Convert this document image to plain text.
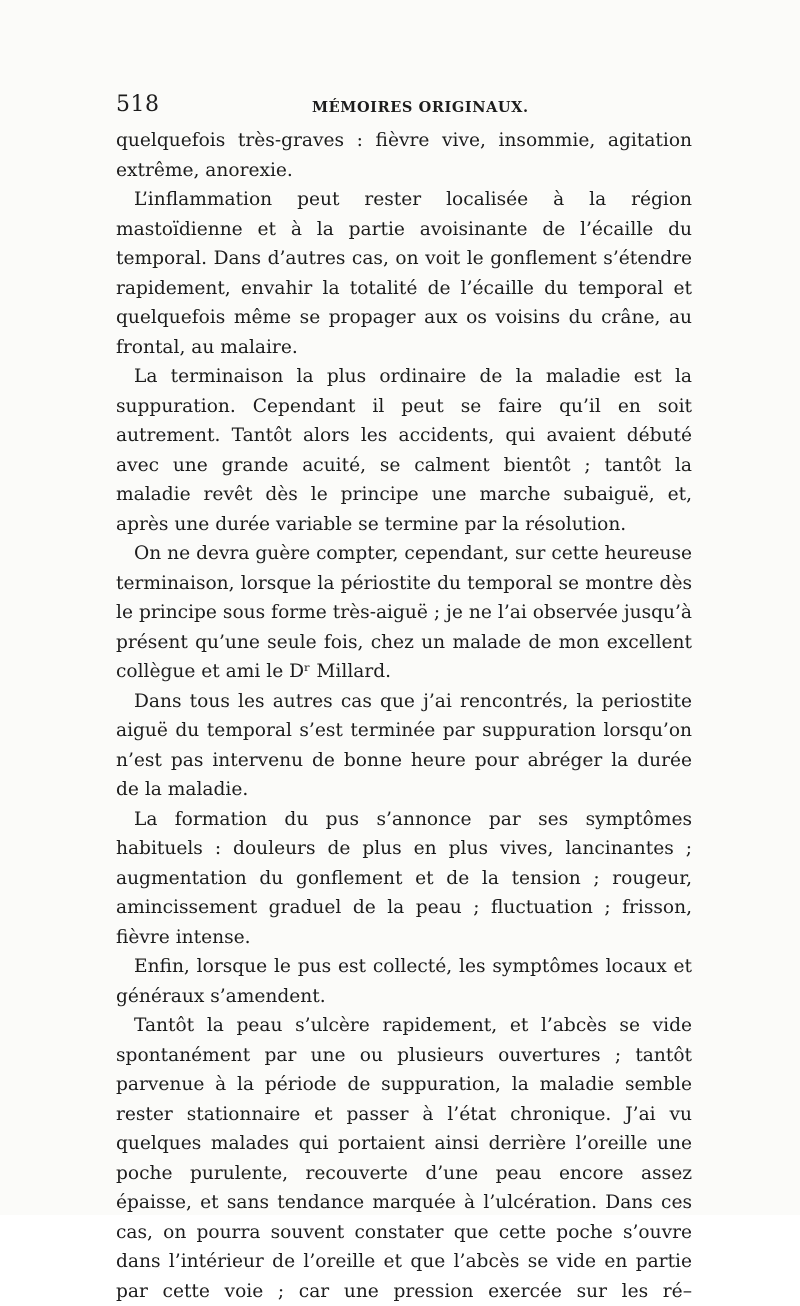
518	MÉMOIRES ORIGINAUX.

quelquefois très-graves : fièvre vive, insommie, agitation extrême, anorexie.

L’inflammation peut rester localisée à la région mastoïdienne et à la partie avoisinante de l’écaille du temporal. Dans d’autres cas, on voit le gonflement s’étendre rapidement, envahir la totalité de l’écaille du temporal et quelquefois même se propager aux os voisins du crâne, au frontal, au malaire.

La terminaison la plus ordinaire de la maladie est la suppuration. Cependant il peut se faire qu’il en soit autrement. Tantôt alors les accidents, qui avaient débuté avec une grande acuité, se calment bientôt ; tantôt la maladie revêt dès le principe une marche subaiguë, et, après une durée variable se termine par la résolution.

On ne devra guère compter, cependant, sur cette heureuse terminaison, lorsque la périostite du temporal se montre dès le principe sous forme très-aiguë ; je ne l’ai observée jusqu’à présent qu’une seule fois, chez un malade de mon excellent collègue et ami le Dʳ Millard.

Dans tous les autres cas que j’ai rencontrés, la periostite aiguë du temporal s’est terminée par suppuration lorsqu’on n’est pas intervenu de bonne heure pour abréger la durée de la maladie.

La formation du pus s’annonce par ses symptômes habituels : douleurs de plus en plus vives, lancinantes ; augmentation du gonflement et de la tension ; rougeur, amincissement graduel de la peau ; fluctuation ; frisson, fièvre intense.

Enfin, lorsque le pus est collecté, les symptômes locaux et généraux s’amendent.

Tantôt la peau s’ulcère rapidement, et l’abcès se vide spontanément par une ou plusieurs ouvertures ; tantôt parvenue à la période de suppuration, la maladie semble rester stationnaire et passer à l’état chronique. J’ai vu quelques malades qui portaient ainsi derrière l’oreille une poche purulente, recouverte d’une peau encore assez épaisse, et sans tendance marquée à l’ulcération. Dans ces cas, on pourra souvent constater que cette poche s’ouvre dans l’intérieur de l’oreille et que l’abcès se vide en partie par cette voie ; car une pression exercée sur les ré–
